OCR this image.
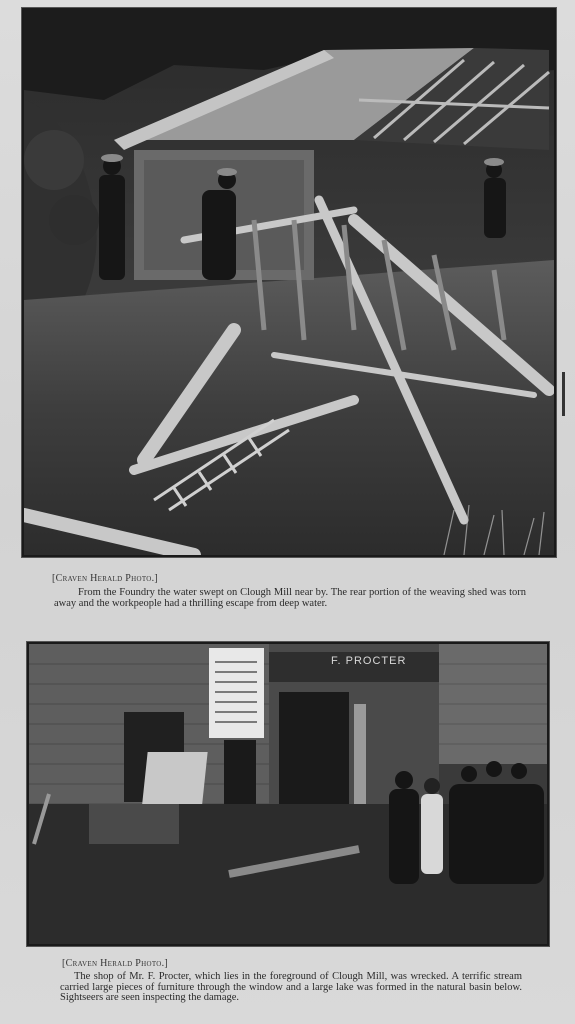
[Craven Herald Photo.]
From the Foundry the water swept on Clough Mill near by. The rear portion of the weaving shed was torn away and the workpeople had a thrilling escape from deep water.
F. PROCTER
[Craven Herald Photo.]
The shop of Mr. F. Procter, which lies in the foreground of Clough Mill, was wrecked. A terrific stream carried large pieces of furniture through the window and a large lake was formed in the natural basin below. Sightseers are seen inspecting the damage.
